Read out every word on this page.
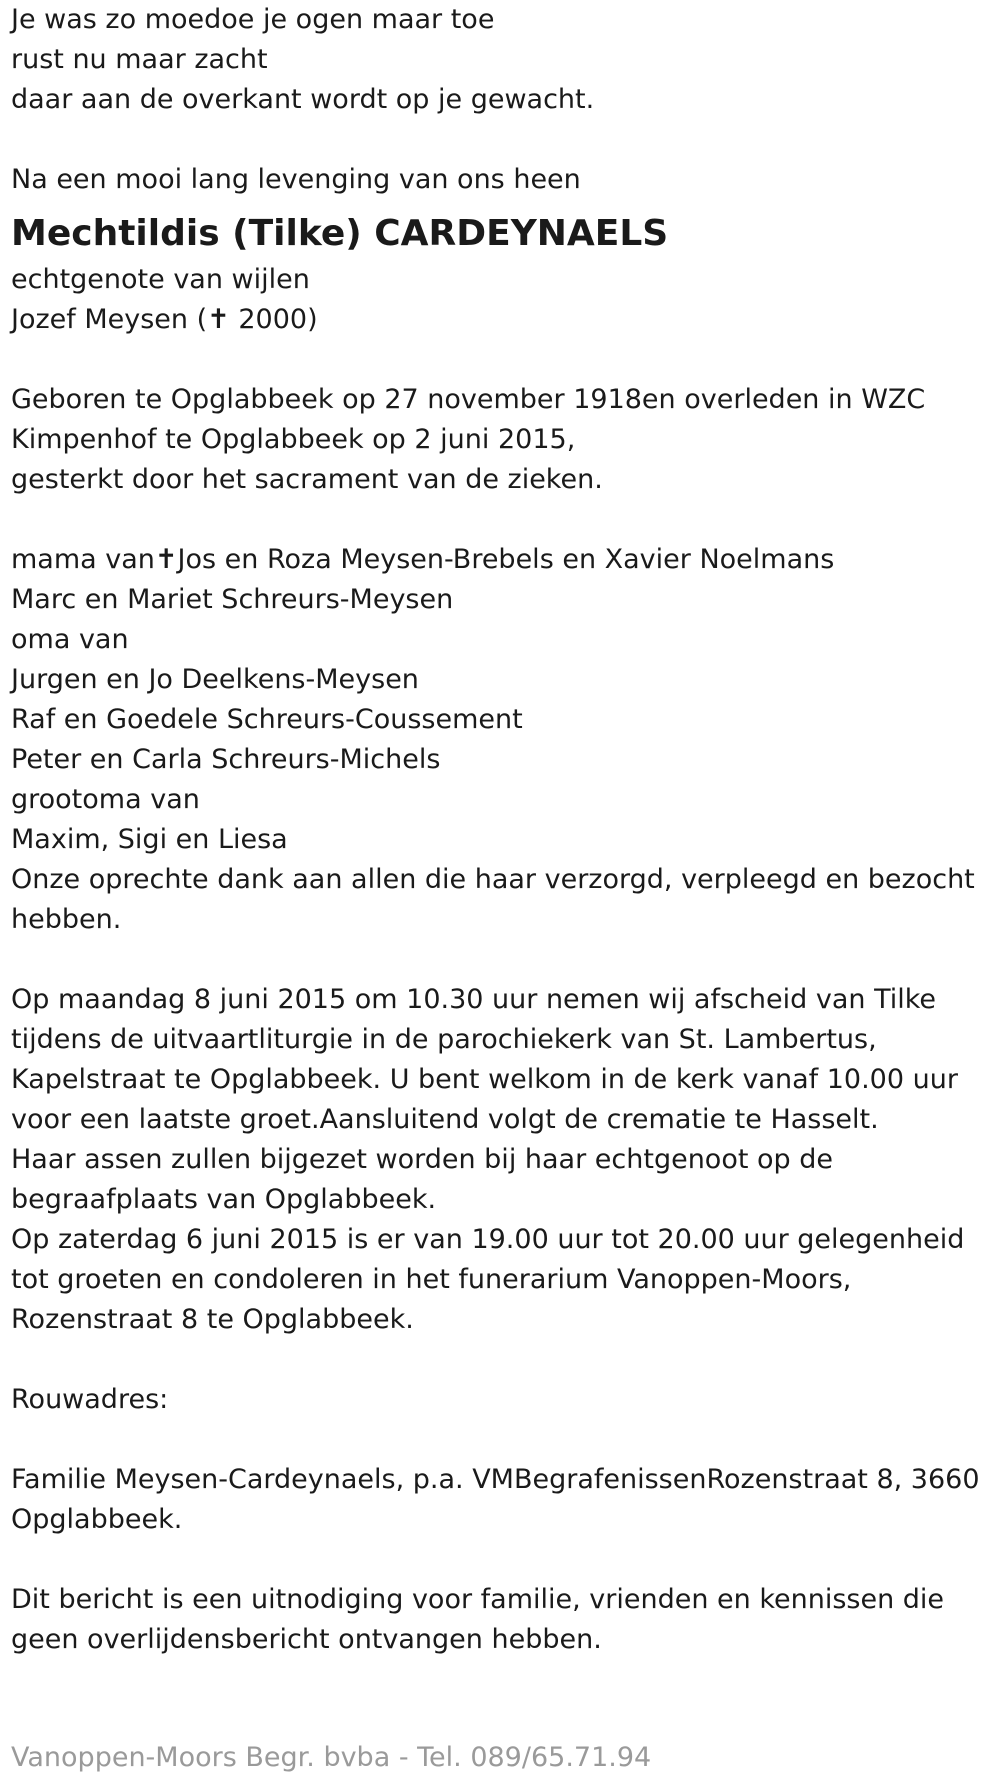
Je was zo moedoe je ogen maar toe
rust nu maar zacht
daar aan de overkant wordt op je gewacht.
Na een mooi lang levenging van ons heen
Mechtildis (Tilke) CARDEYNAELS
echtgenote van wijlen
Jozef Meysen (✝ 2000)
Geboren te Opglabbeek op 27 november 1918en overleden in WZC
Kimpenhof te Opglabbeek op 2 juni 2015,
gesterkt door het sacrament van de zieken.
mama van✝Jos en Roza Meysen-Brebels en Xavier Noelmans
Marc en Mariet Schreurs-Meysen
oma van
Jurgen en Jo Deelkens-Meysen
Raf en Goedele Schreurs-Coussement
Peter en Carla Schreurs-Michels
grootoma van
Maxim, Sigi en Liesa
Onze oprechte dank aan allen die haar verzorgd, verpleegd en bezocht
hebben.
Op maandag 8 juni 2015 om 10.30 uur nemen wij afscheid van Tilke
tijdens de uitvaartliturgie in de parochiekerk van St. Lambertus,
Kapelstraat te Opglabbeek. U bent welkom in de kerk vanaf 10.00 uur
voor een laatste groet.Aansluitend volgt de crematie te Hasselt.
Haar assen zullen bijgezet worden bij haar echtgenoot op de
begraafplaats van Opglabbeek.
Op zaterdag 6 juni 2015 is er van 19.00 uur tot 20.00 uur gelegenheid
tot groeten en condoleren in het funerarium Vanoppen-Moors,
Rozenstraat 8 te Opglabbeek.
Rouwadres:
Familie Meysen-Cardeynaels, p.a. VMBegrafenissenRozenstraat 8, 3660
Opglabbeek.
Dit bericht is een uitnodiging voor familie, vrienden en kennissen die
geen overlijdensbericht ontvangen hebben.
Vanoppen-Moors Begr. bvba - Tel. 089/65.71.94
